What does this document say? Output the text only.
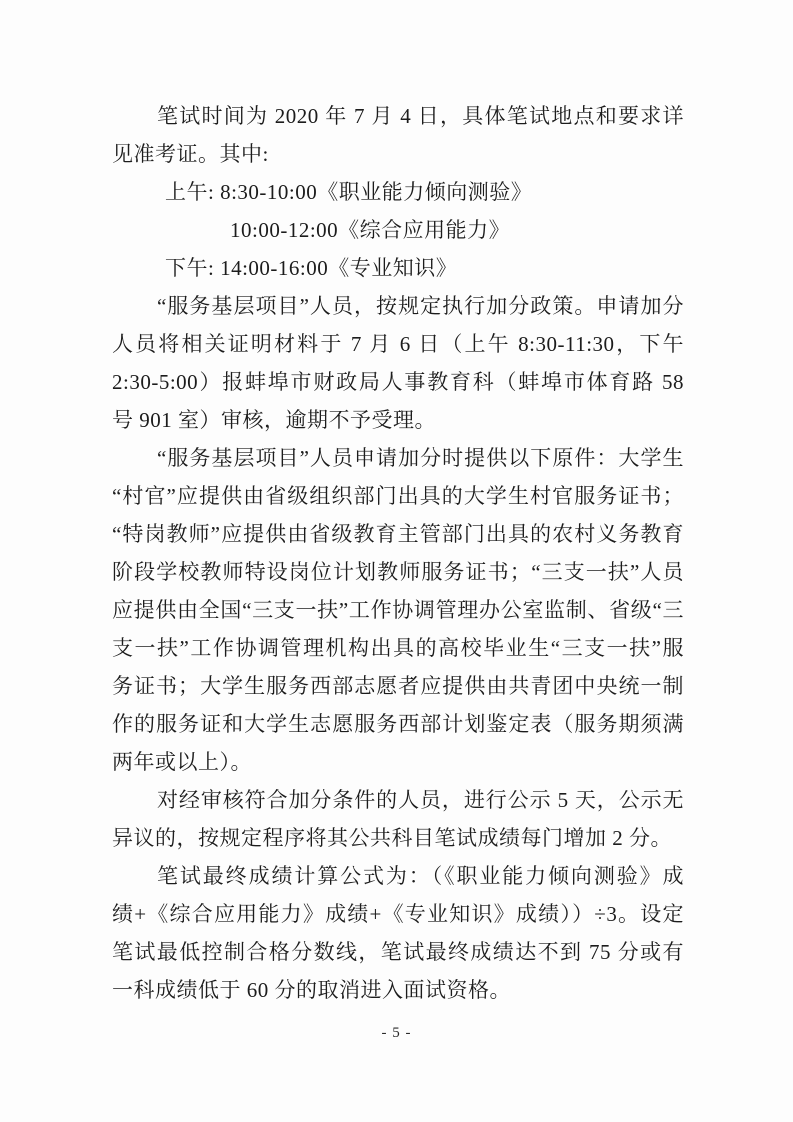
笔试时间为 2020 年 7 月 4 日，具体笔试地点和要求详
见准考证。其中:
上午: 8:30-10:00《职业能力倾向测验》
10:00-12:00《综合应用能力》
下午: 14:00-16:00《专业知识》
“服务基层项目”人员，按规定执行加分政策。申请加分
人员将相关证明材料于 7 月 6 日（上午 8:30-11:30，下午
2:30-5:00）报蚌埠市财政局人事教育科（蚌埠市体育路 58
号 901 室）审核，逾期不予受理。
“服务基层项目”人员申请加分时提供以下原件：大学生
“村官”应提供由省级组织部门出具的大学生村官服务证书；
“特岗教师”应提供由省级教育主管部门出具的农村义务教育
阶段学校教师特设岗位计划教师服务证书；“三支一扶”人员
应提供由全国“三支一扶”工作协调管理办公室监制、省级“三
支一扶”工作协调管理机构出具的高校毕业生“三支一扶”服
务证书；大学生服务西部志愿者应提供由共青团中央统一制
作的服务证和大学生志愿服务西部计划鉴定表（服务期须满
两年或以上）。
对经审核符合加分条件的人员，进行公示 5 天，公示无
异议的，按规定程序将其公共科目笔试成绩每门增加 2 分。
笔试最终成绩计算公式为：（《职业能力倾向测验》成
绩+《综合应用能力》成绩+《专业知识》成绩））÷3。设定
笔试最低控制合格分数线，笔试最终成绩达不到 75 分或有
一科成绩低于 60 分的取消进入面试资格。
- 5 -
